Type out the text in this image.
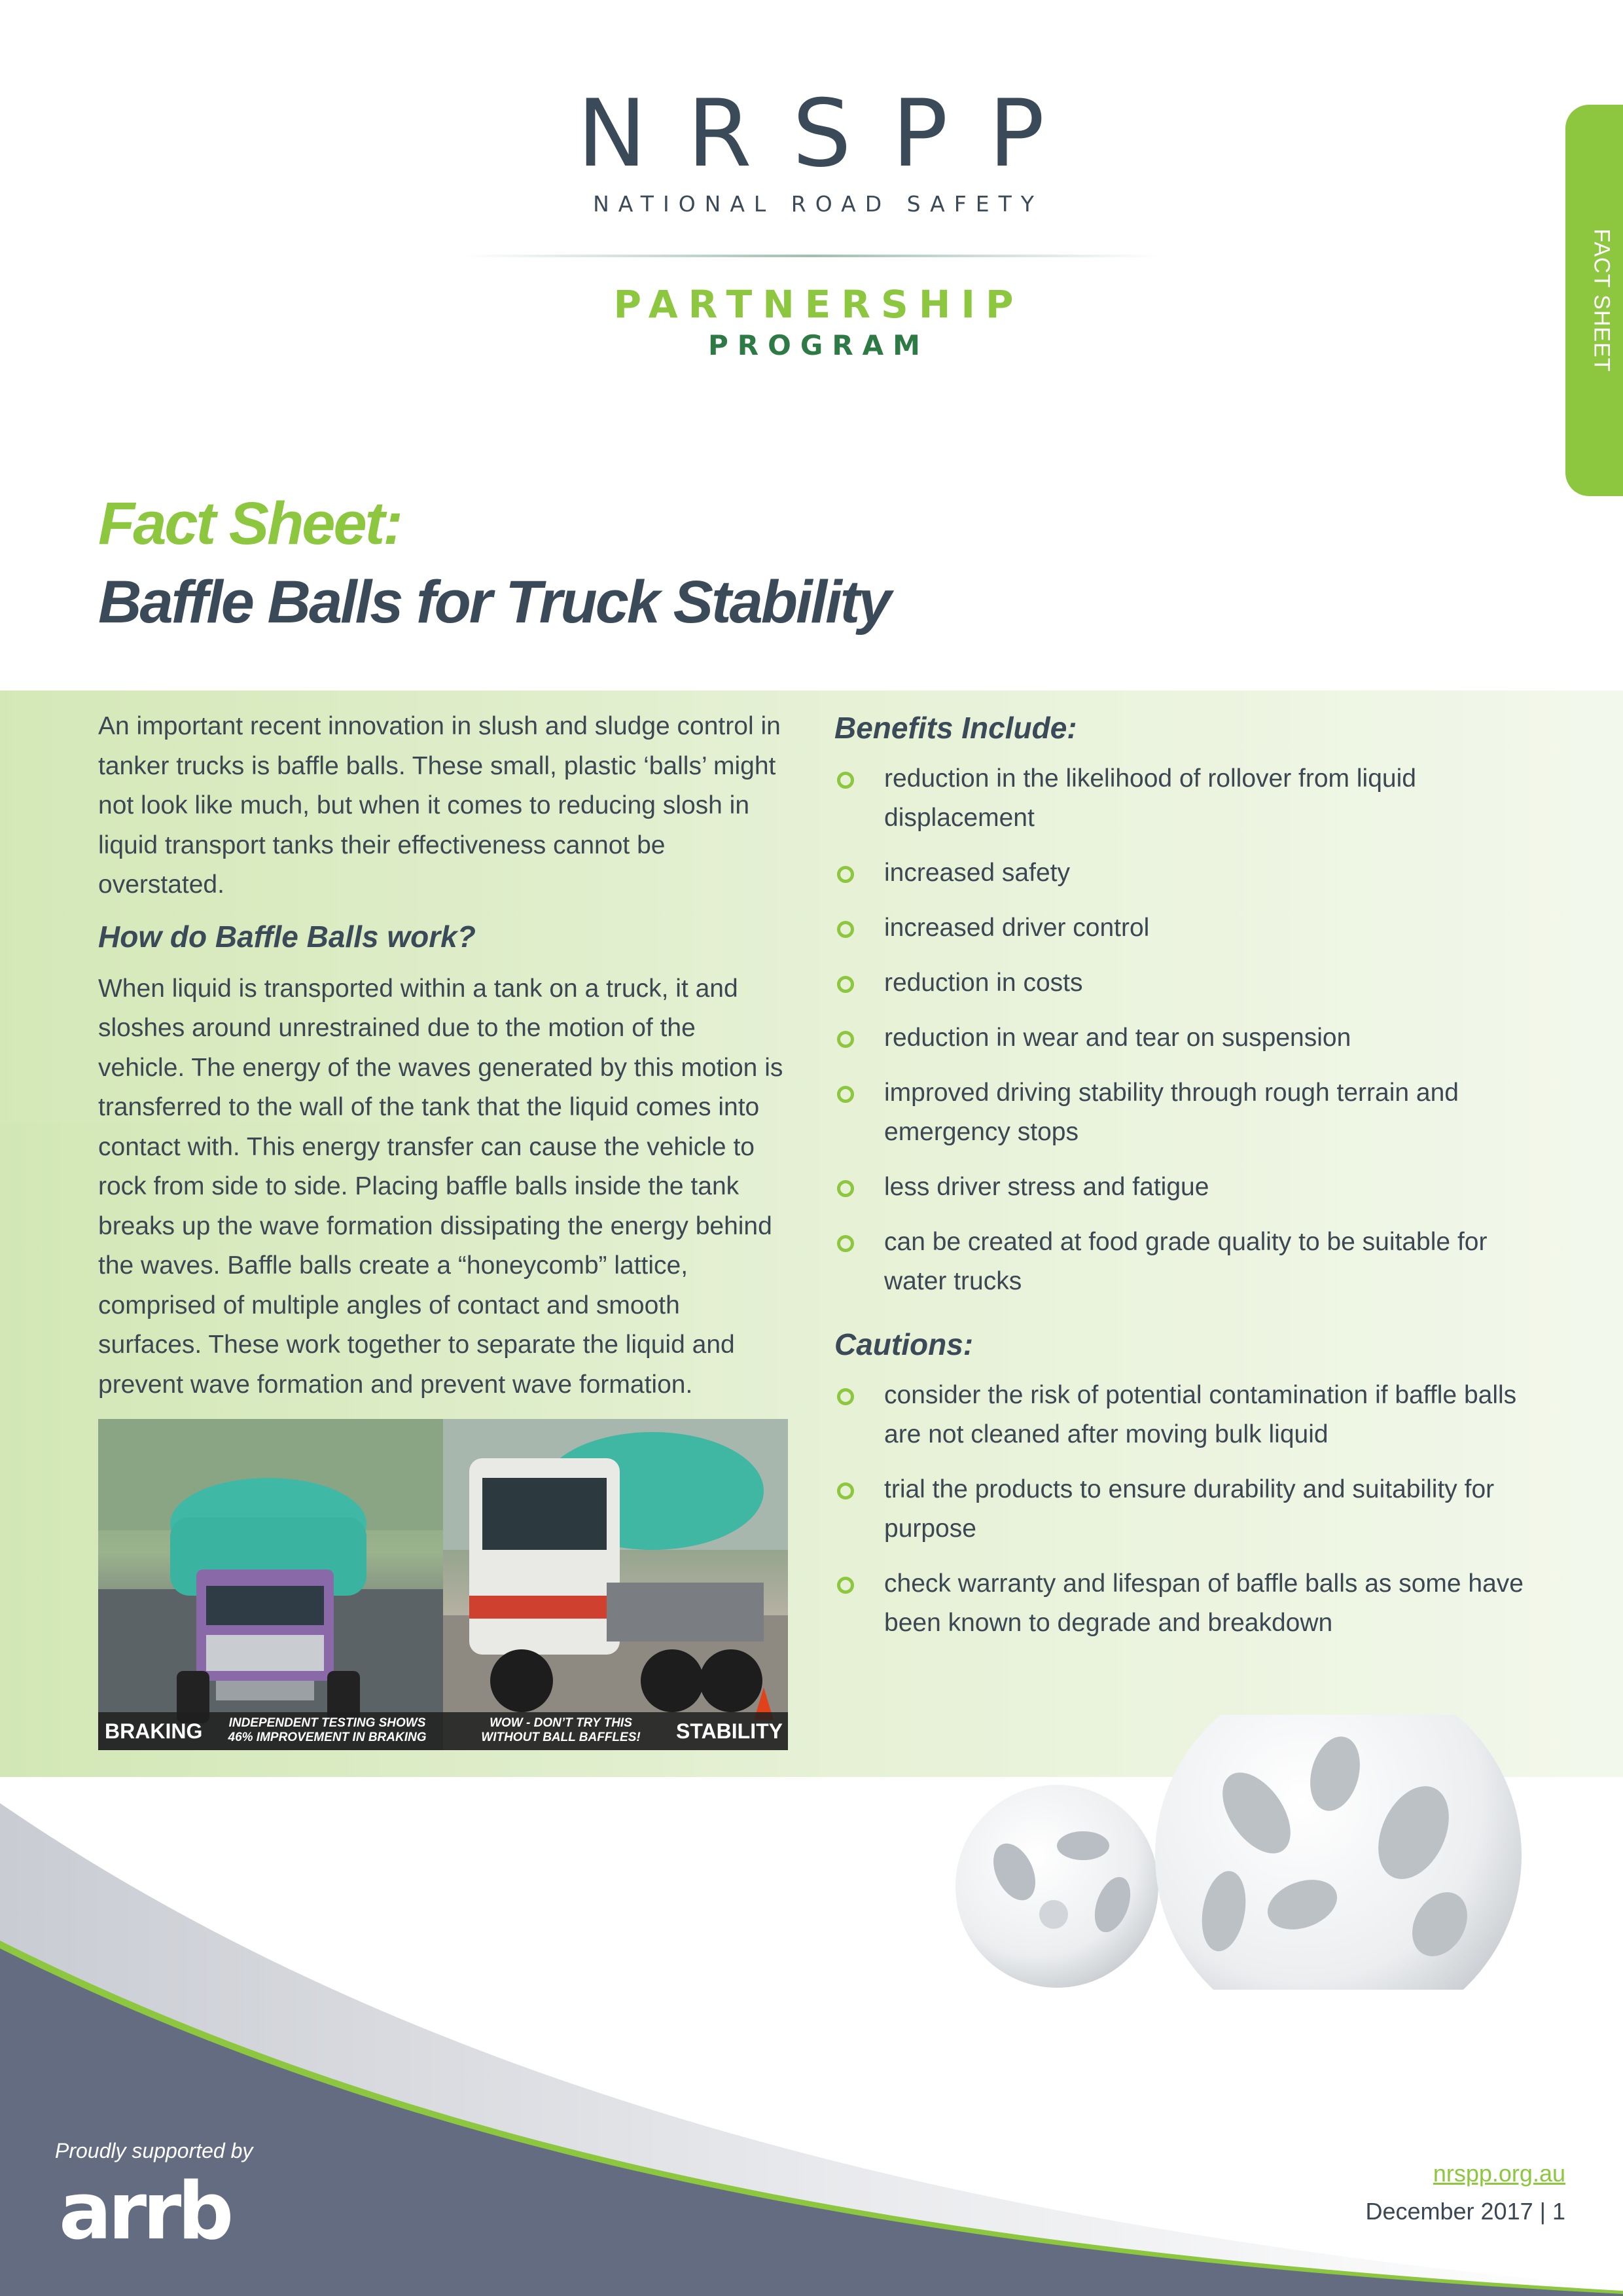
NRSPP
NATIONAL ROAD SAFETY
PARTNERSHIP
PROGRAM	FACT SHEET
Fact Sheet:
Baffle Balls for Truck Stability

An important recent innovation in slush and sludge control in tanker trucks is baffle balls. These small, plastic ‘balls’ might not look like much, but when it comes to reducing slosh in liquid transport tanks their effectiveness cannot be overstated.

How do Baffle Balls work?

When liquid is transported within a tank on a truck, it and sloshes around unrestrained due to the motion of the vehicle. The energy of the waves generated by this motion is transferred to the wall of the tank that the liquid comes into contact with. This energy transfer can cause the vehicle to rock from side to side. Placing baffle balls inside the tank breaks up the wave formation dissipating the energy behind the waves. Baffle balls create a “honeycomb” lattice, comprised of multiple angles of contact and smooth surfaces. These work together to separate the liquid and prevent wave formation and prevent wave formation.

Benefits Include:
reduction in the likelihood of rollover from liquid displacement
increased safety
increased driver control
reduction in costs
reduction in wear and tear on suspension
improved driving stability through rough terrain and emergency stops
less driver stress and fatigue
can be created at food grade quality to be suitable for water trucks
Cautions:
consider the risk of potential contamination if baffle balls are not cleaned after moving bulk liquid
trial the products to ensure durability and suitability for purpose
check warranty and lifespan of baffle balls as some have been known to degrade and breakdown
BRAKING	INDEPENDENT TESTING SHOWS
46% IMPROVEMENT IN BRAKING
WOW - DON’T TRY THIS
WITHOUT BALL BAFFLES! STABILITY
Proudly supported by
arrb	nrspp.org.au
December 2017 | 1
